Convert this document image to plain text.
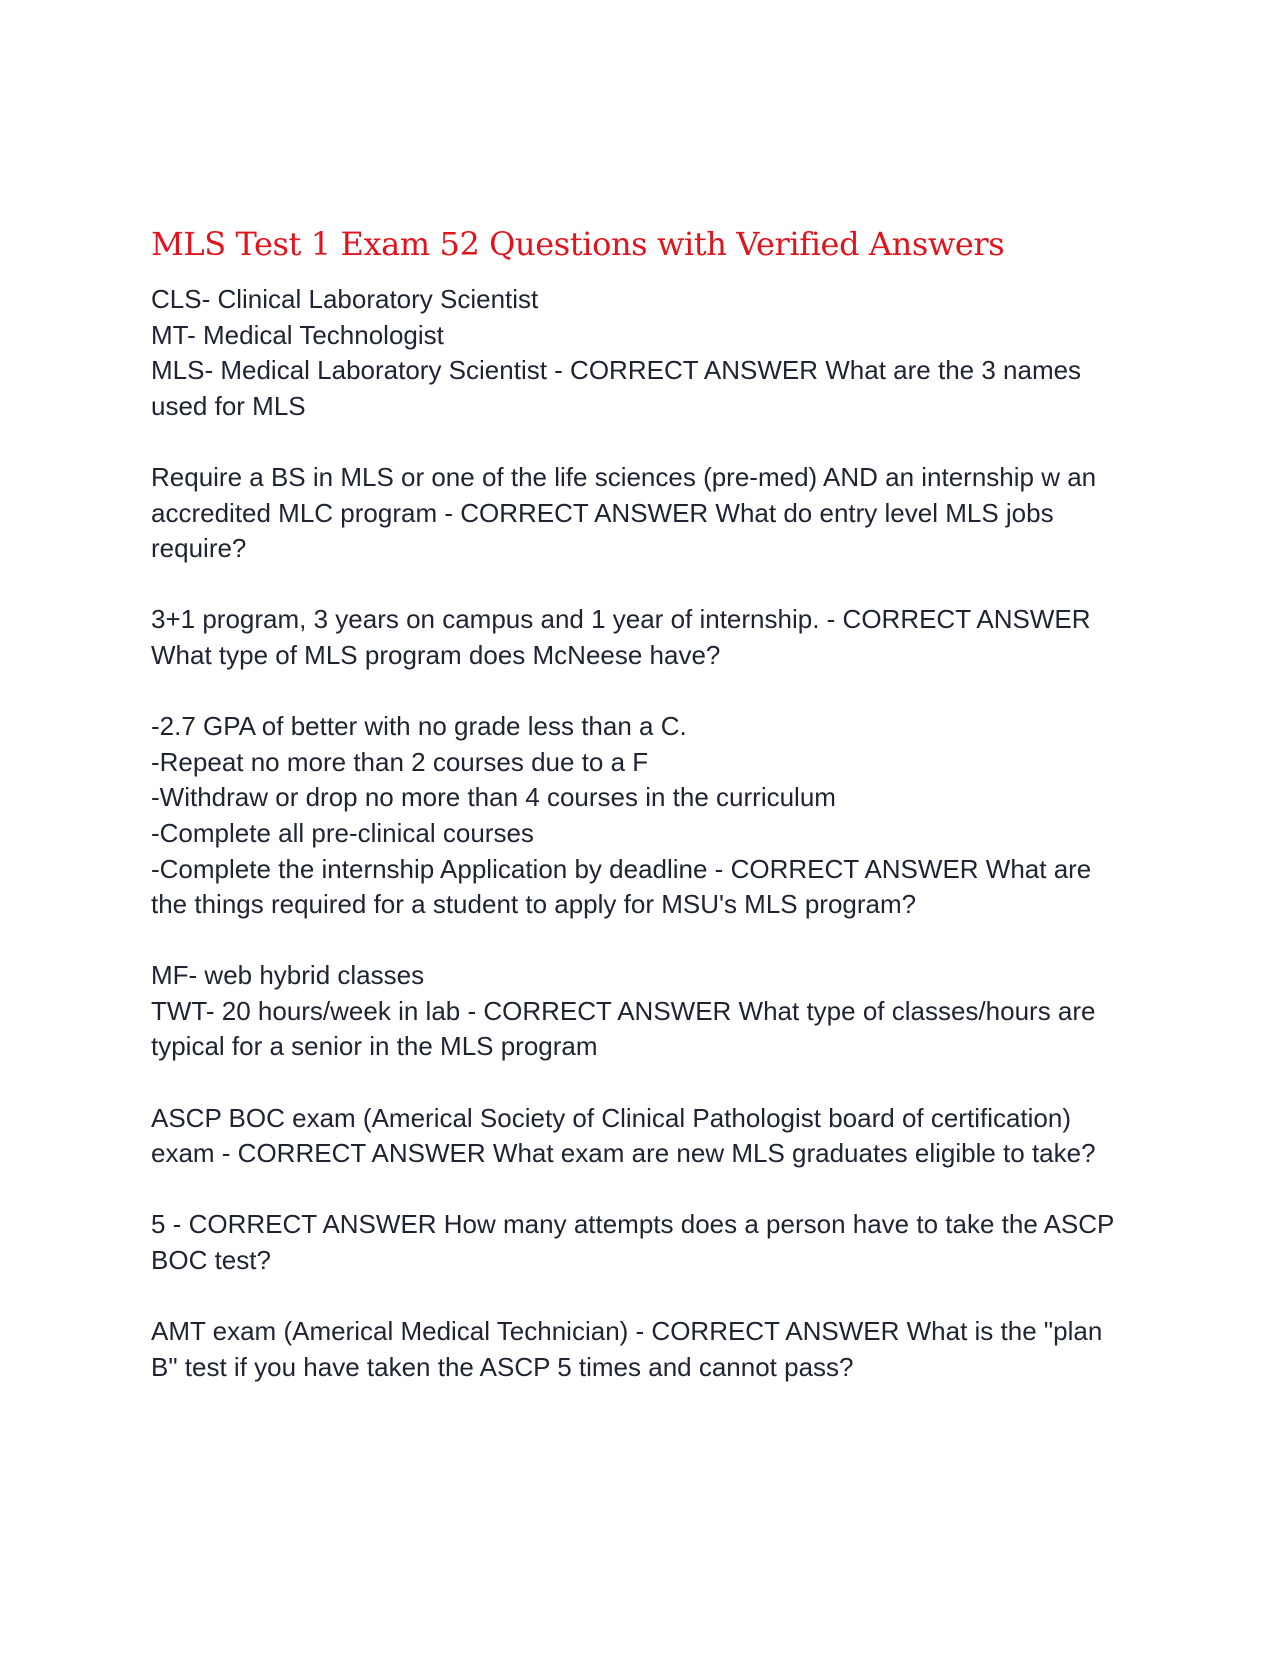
MLS Test 1 Exam 52 Questions with Verified Answers
CLS- Clinical Laboratory Scientist
MT- Medical Technologist
MLS- Medical Laboratory Scientist - CORRECT ANSWER What are the 3 names
used for MLS
Require a BS in MLS or one of the life sciences (pre-med) AND an internship w an
accredited MLC program - CORRECT ANSWER What do entry level MLS jobs
require?
3+1 program, 3 years on campus and 1 year of internship. - CORRECT ANSWER
What type of MLS program does McNeese have?
-2.7 GPA of better with no grade less than a C.
-Repeat no more than 2 courses due to a F
-Withdraw or drop no more than 4 courses in the curriculum
-Complete all pre-clinical courses
-Complete the internship Application by deadline - CORRECT ANSWER What are
the things required for a student to apply for MSU's MLS program?
MF- web hybrid classes
TWT- 20 hours/week in lab - CORRECT ANSWER What type of classes/hours are
typical for a senior in the MLS program
ASCP BOC exam (Americal Society of Clinical Pathologist board of certification)
exam - CORRECT ANSWER What exam are new MLS graduates eligible to take?
5 - CORRECT ANSWER How many attempts does a person have to take the ASCP
BOC test?
AMT exam (Americal Medical Technician) - CORRECT ANSWER What is the "plan
B" test if you have taken the ASCP 5 times and cannot pass?
